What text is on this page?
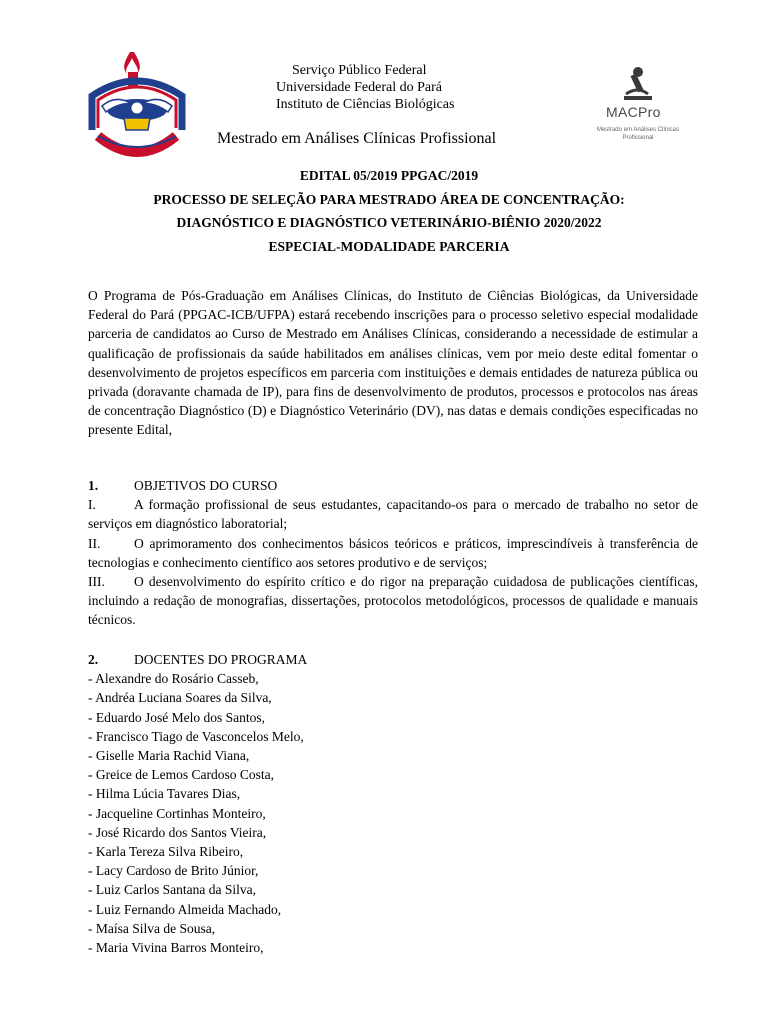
Serviço Público Federal
Universidade Federal do Pará
Instituto de Ciências Biológicas	MACPro
Mestrado em Análises Clínicas Profissional
Mestrado em Análises Clínicas Profissional
EDITAL 05/2019 PPGAC/2019
PROCESSO DE SELEÇÃO PARA MESTRADO ÁREA DE CONCENTRAÇÃO:
DIAGNÓSTICO E DIAGNÓSTICO VETERINÁRIO-BIÊNIO 2020/2022
ESPECIAL-MODALIDADE PARCERIA
O Programa de Pós-Graduação em Análises Clínicas, do Instituto de Ciências Biológicas, da Universidade Federal do Pará (PPGAC-ICB/UFPA) estará recebendo inscrições para o processo seletivo especial modalidade parceria de candidatos ao Curso de Mestrado em Análises Clínicas, considerando a necessidade de estimular a qualificação de profissionais da saúde habilitados em análises clínicas, vem por meio deste edital fomentar o desenvolvimento de projetos específicos em parceria com instituições e demais entidades de natureza pública ou privada (doravante chamada de IP), para fins de desenvolvimento de produtos, processos e protocolos nas áreas de concentração Diagnóstico (D) e Diagnóstico Veterinário (DV), nas datas e demais condições especificadas no presente Edital,
1.	OBJETIVOS DO CURSO
I.	A formação profissional de seus estudantes, capacitando-os para o mercado de trabalho no setor de serviços em diagnóstico laboratorial;
II. O aprimoramento dos conhecimentos básicos teóricos e práticos, imprescindíveis à transferência de tecnologias e conhecimento científico aos setores produtivo e de serviços;
III. O desenvolvimento do espírito crítico e do rigor na preparação cuidadosa de publicações científicas, incluindo a redação de monografias, dissertações, protocolos metodológicos, processos de qualidade e manuais técnicos.
2.	DOCENTES DO PROGRAMA
- Alexandre do Rosário Casseb,
- Andréa Luciana Soares da Silva,
- Eduardo José Melo dos Santos,
- Francisco Tiago de Vasconcelos Melo,
- Giselle Maria Rachid Viana,
- Greice de Lemos Cardoso Costa,
- Hilma Lúcia Tavares Dias,
- Jacqueline Cortinhas Monteiro,
- José Ricardo dos Santos Vieira,
- Karla Tereza Silva Ribeiro,
- Lacy Cardoso de Brito Júnior,
- Luiz Carlos Santana da Silva,
- Luiz Fernando Almeida Machado,
- Maísa Silva de Sousa,
- Maria Vivina Barros Monteiro,
